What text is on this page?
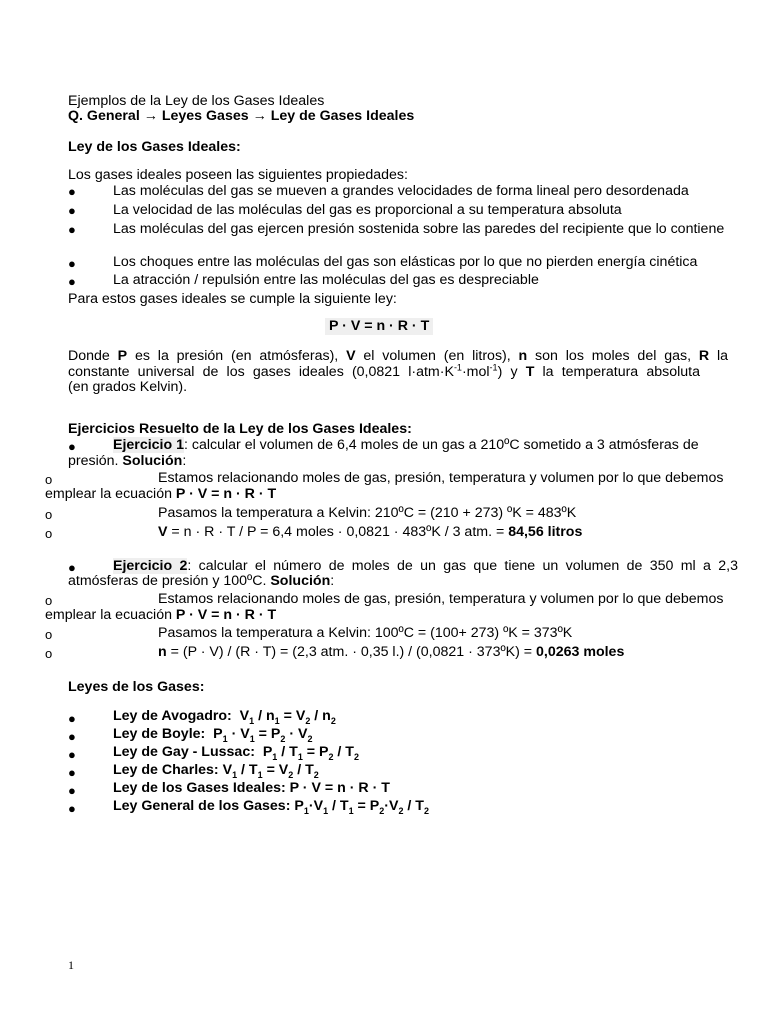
Ejemplos de la Ley de los Gases Ideales
Q. General → Leyes Gases → Ley de Gases Ideales
Ley de los Gases Ideales:
Los gases ideales poseen las siguientes propiedades:
●	Las moléculas del gas se mueven a grandes velocidades de forma lineal pero desordenada
●	La velocidad de las moléculas del gas es proporcional a su temperatura absoluta
●	Las moléculas del gas ejercen presión sostenida sobre las paredes del recipiente que lo contiene
●	Los choques entre las moléculas del gas son elásticas por lo que no pierden energía cinética
●	La atracción / repulsión entre las moléculas del gas es despreciable
Para estos gases ideales se cumple la siguiente ley:
P · V = n · R · T
Donde P es la presión (en atmósferas), V el volumen (en litros), n son los moles del gas, R la
constante universal de los gases ideales (0,0821 $l\cdot atm\cdot K^{-1}\cdot mol^{-1}$) y T la temperatura absoluta
(en grados Kelvin).
Ejercicios Resuelto de la Ley de los Gases Ideales:
●	Ejercicio 1: calcular el volumen de 6,4 moles de un gas a 210ºC sometido a 3 atmósferas de
presión. Solución:
o	Estamos relacionando moles de gas, presión, temperatura y volumen por lo que debemos
emplear la ecuación P · V = n · R · T
o	Pasamos la temperatura a Kelvin: 210ºC = (210 + 273) ºK = 483ºK
o	V = n · R · T / P = 6,4 moles · 0,0821 · 483ºK / 3 atm. = 84,56 litros
●	Ejercicio 2: calcular el número de moles de un gas que tiene un volumen de 350 ml a 2,3
atmósferas de presión y 100ºC. Solución:
o	Estamos relacionando moles de gas, presión, temperatura y volumen por lo que debemos
emplear la ecuación P · V = n · R · T
o	Pasamos la temperatura a Kelvin: 100ºC = (100+ 273) ºK = 373ºK
o	n = (P · V) / (R · T) = (2,3 atm. · 0,35 l.) / (0,0821 · 373ºK) = 0,0263 moles
Leyes de los Gases:
●	Ley de Avogadro: $V_1 / n_1 = V_2 / n_2$
●	Ley de Boyle: $P_1 \cdot V_1 = P_2 \cdot V_2$
●	Ley de Gay - Lussac: $P_1 / T_1 = P_2 / T_2$
●	Ley de Charles: $V_1 / T_1 = V_2 / T_2$
●	Ley de los Gases Ideales: P · V = n · R · T
●	Ley General de los Gases: $P_1\cdot V_1 / T_1 = P_2\cdot V_2 / T_2$
1
